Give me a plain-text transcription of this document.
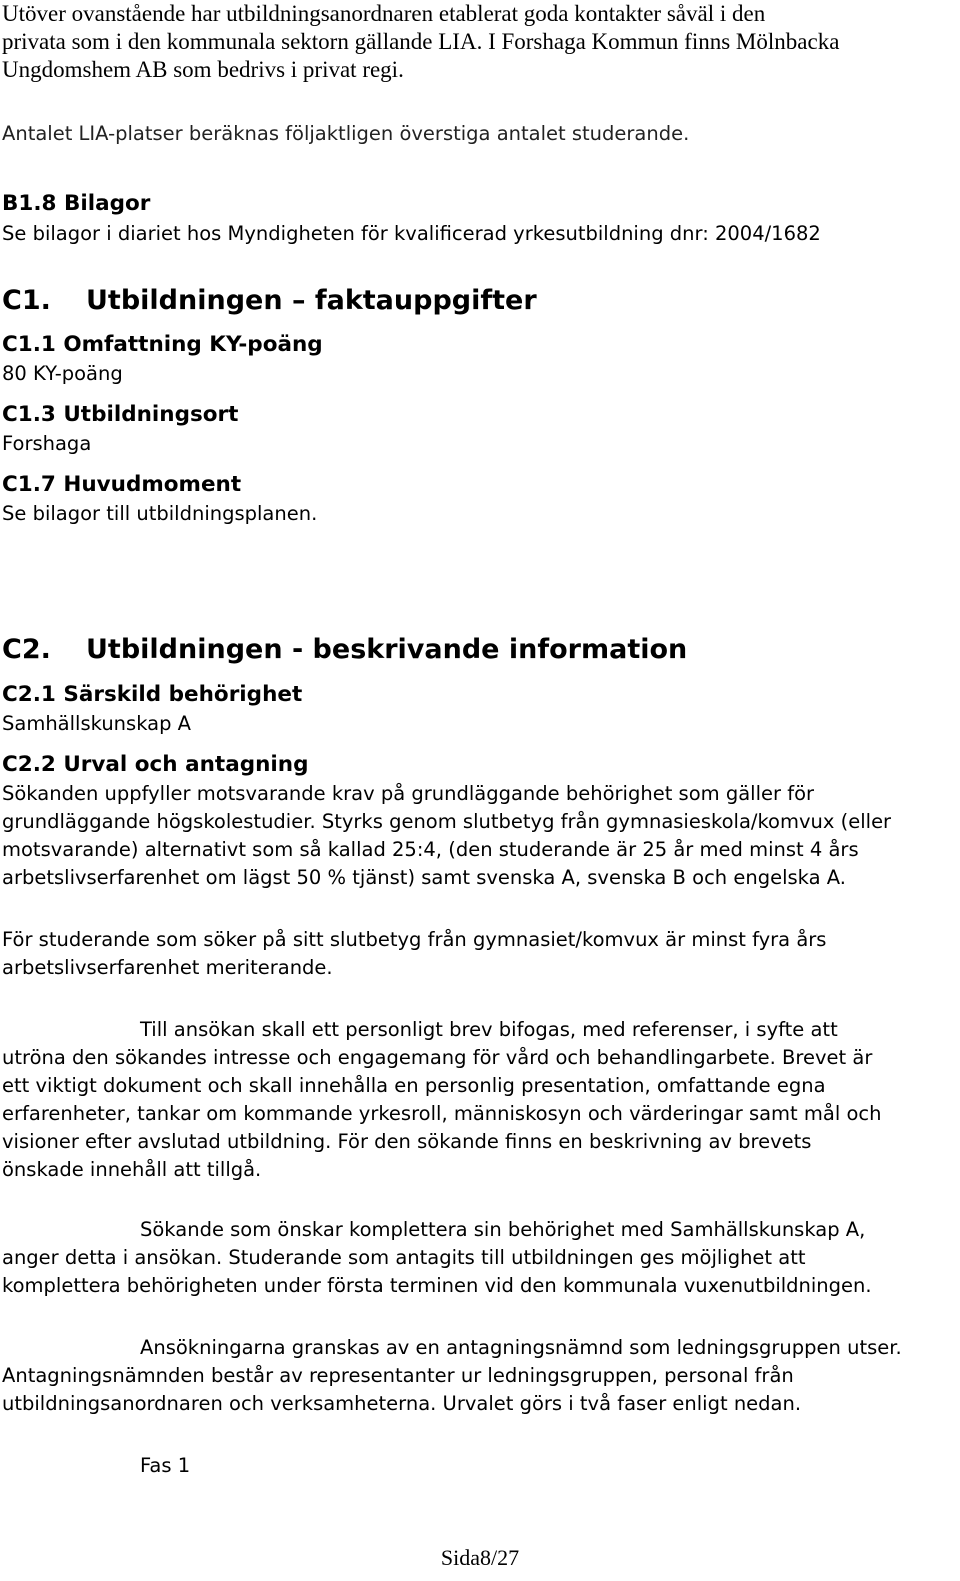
Utöver ovanstående har utbildningsanordnaren etablerat goda kontakter såväl i den
privata som i den kommunala sektorn gällande LIA. I Forshaga Kommun finns Mölnbacka
Ungdomshem AB som bedrivs i privat regi.
Antalet LIA-platser beräknas följaktligen överstiga antalet studerande.
B1.8 Bilagor
Se bilagor i diariet hos Myndigheten för kvalificerad yrkesutbildning dnr: 2004/1682
C1. Utbildningen – faktauppgifter
C1.1 Omfattning KY-poäng
80 KY-poäng
C1.3 Utbildningsort
Forshaga
C1.7 Huvudmoment
Se bilagor till utbildningsplanen.
C2. Utbildningen - beskrivande information
C2.1 Särskild behörighet
Samhällskunskap A
C2.2 Urval och antagning
Sökanden uppfyller motsvarande krav på grundläggande behörighet som gäller för
grundläggande högskolestudier. Styrks genom slutbetyg från gymnasieskola/komvux (eller
motsvarande) alternativt som så kallad 25:4, (den studerande är 25 år med minst 4 års
arbetslivserfarenhet om lägst 50 % tjänst) samt svenska A, svenska B och engelska A.
För studerande som söker på sitt slutbetyg från gymnasiet/komvux är minst fyra års
arbetslivserfarenhet meriterande.
Till ansökan skall ett personligt brev bifogas, med referenser, i syfte att
utröna den sökandes intresse och engagemang för vård och behandlingarbete. Brevet är
ett viktigt dokument och skall innehålla en personlig presentation, omfattande egna
erfarenheter, tankar om kommande yrkesroll, människosyn och värderingar samt mål och
visioner efter avslutad utbildning. För den sökande finns en beskrivning av brevets
önskade innehåll att tillgå.
Sökande som önskar komplettera sin behörighet med Samhällskunskap A,
anger detta i ansökan. Studerande som antagits till utbildningen ges möjlighet att
komplettera behörigheten under första terminen vid den kommunala vuxenutbildningen.
Ansökningarna granskas av en antagningsnämnd som ledningsgruppen utser.
Antagningsnämnden består av representanter ur ledningsgruppen, personal från
utbildningsanordnaren och verksamheterna. Urvalet görs i två faser enligt nedan.
Fas 1
Sida8/27
